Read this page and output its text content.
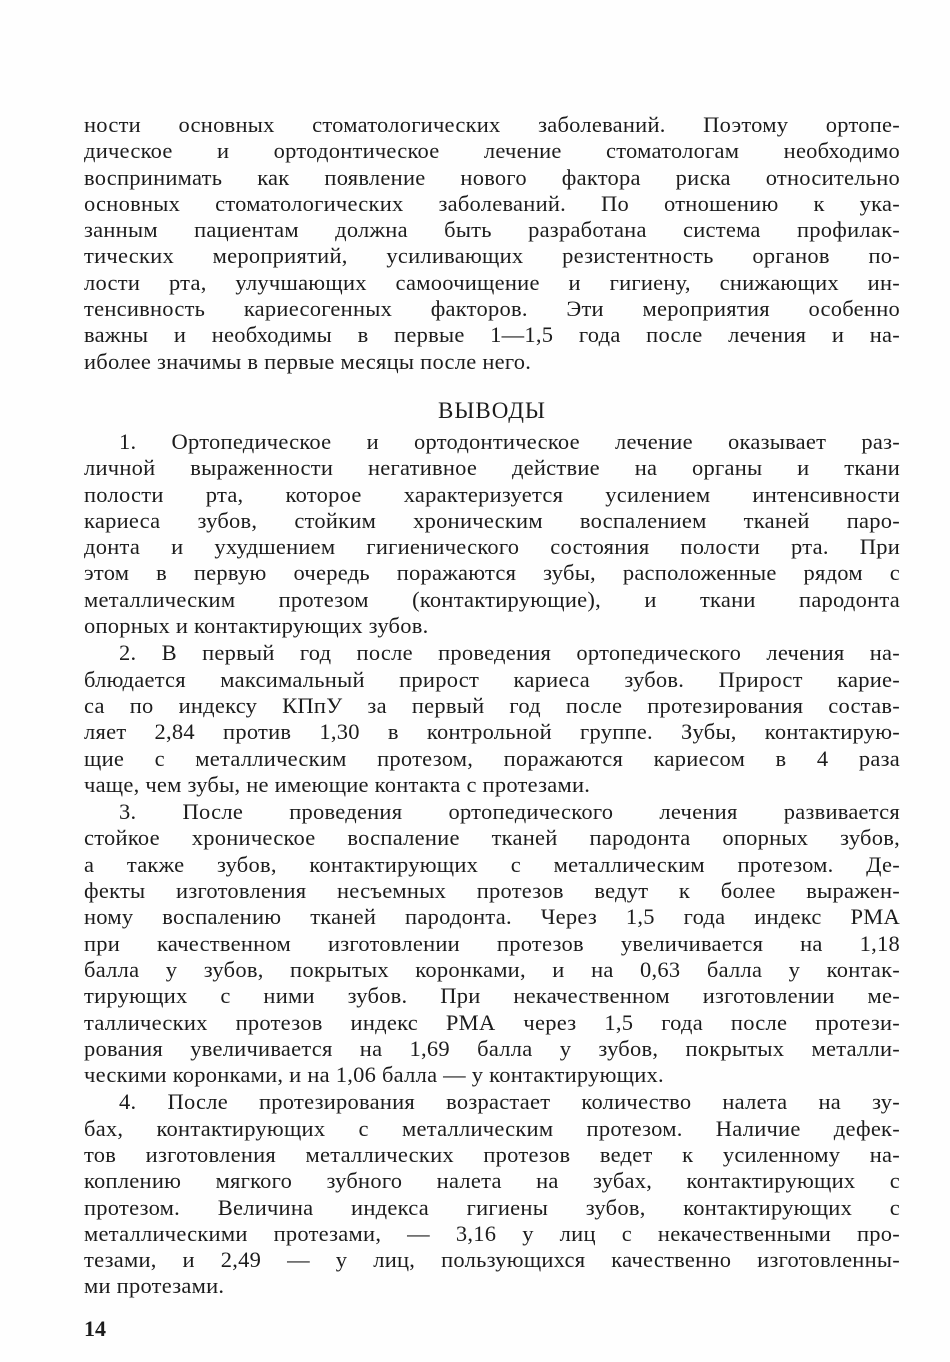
ности основных стоматологических заболеваний. Поэтому ортопе-
дическое и ортодонтическое лечение стоматологам необходимо
воспринимать как появление нового фактора риска относительно
основных стоматологических заболеваний. По отношению к ука-
занным пациентам должна быть разработана система профилак-
тических мероприятий, усиливающих резистентность органов по-
лости рта, улучшающих самоочищение и гигиену, снижающих ин-
тенсивность кариесогенных факторов. Эти мероприятия особенно
важны и необходимы в первые 1—1,5 года после лечения и на-
иболее значимы в первые месяцы после него.
ВЫВОДЫ
1. Ортопедическое и ортодонтическое лечение оказывает раз-
личной выраженности негативное действие на органы и ткани
полости рта, которое характеризуется усилением интенсивности
кариеса зубов, стойким хроническим воспалением тканей паро-
донта и ухудшением гигиенического состояния полости рта. При
этом в первую очередь поражаются зубы, расположенные рядом с
металлическим протезом (контактирующие), и ткани пародонта
опорных и контактирующих зубов.
2. В первый год после проведения ортопедического лечения на-
блюдается максимальный прирост кариеса зубов. Прирост карие-
са по индексу КПпУ за первый год после протезирования состав-
ляет 2,84 против 1,30 в контрольной группе. Зубы, контактирую-
щие с металлическим протезом, поражаются кариесом в 4 раза
чаще, чем зубы, не имеющие контакта с протезами.
3. После проведения ортопедического лечения развивается
стойкое хроническое воспаление тканей пародонта опорных зубов,
а также зубов, контактирующих с металлическим протезом. Де-
фекты изготовления несъемных протезов ведут к более выражен-
ному воспалению тканей пародонта. Через 1,5 года индекс РМА
при качественном изготовлении протезов увеличивается на 1,18
балла у зубов, покрытых коронками, и на 0,63 балла у контак-
тирующих с ними зубов. При некачественном изготовлении ме-
таллических протезов индекс РМА через 1,5 года после протези-
рования увеличивается на 1,69 балла у зубов, покрытых металли-
ческими коронками, и на 1,06 балла — у контактирующих.
4. После протезирования возрастает количество налета на зу-
бах, контактирующих с металлическим протезом. Наличие дефек-
тов изготовления металлических протезов ведет к усиленному на-
коплению мягкого зубного налета на зубах, контактирующих с
протезом. Величина индекса гигиены зубов, контактирующих с
металлическими протезами, — 3,16 у лиц с некачественными про-
тезами, и 2,49 — у лиц, пользующихся качественно изготовленны-
ми протезами.
14
